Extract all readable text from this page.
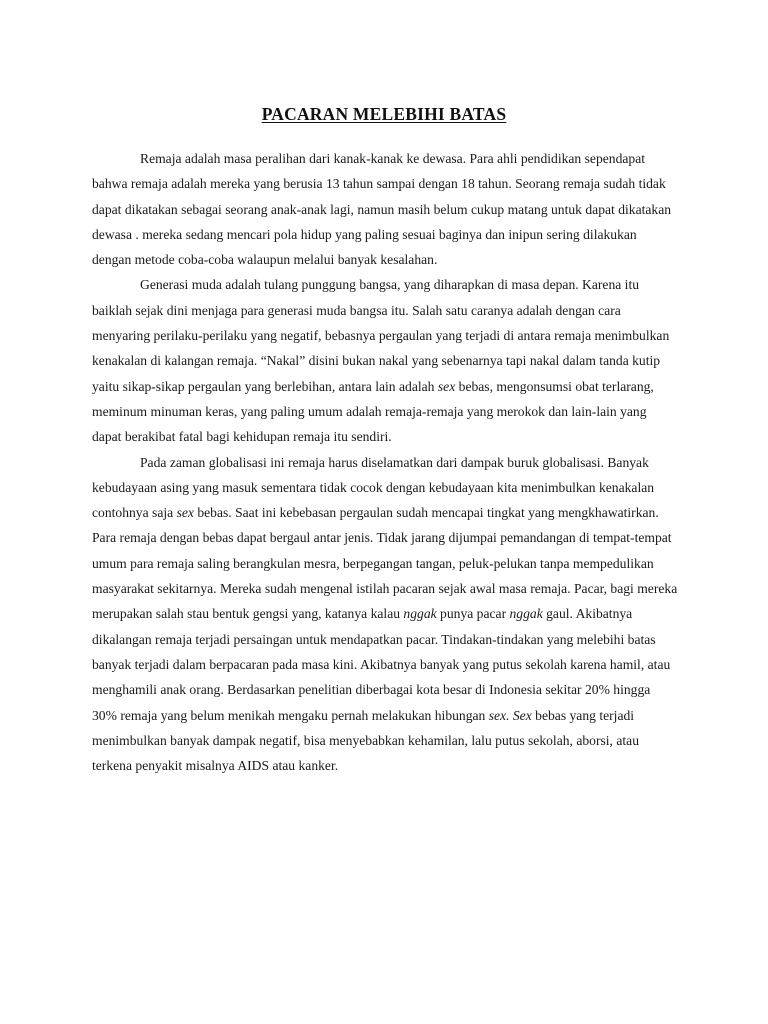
PACARAN MELEBIHI BATAS

Remaja adalah masa peralihan dari kanak-kanak ke dewasa. Para ahli pendidikan sependapat bahwa remaja adalah mereka yang berusia 13 tahun sampai dengan 18 tahun. Seorang remaja sudah tidak dapat dikatakan sebagai seorang anak-anak lagi, namun masih belum cukup matang untuk dapat dikatakan dewasa . mereka sedang mencari pola hidup yang paling sesuai baginya dan inipun sering dilakukan dengan metode coba-coba walaupun melalui banyak kesalahan.

Generasi muda adalah tulang punggung bangsa, yang diharapkan di masa depan. Karena itu baiklah sejak dini menjaga para generasi muda bangsa itu. Salah satu caranya adalah dengan cara menyaring perilaku-perilaku yang negatif, bebasnya pergaulan yang terjadi di antara remaja menimbulkan kenakalan di kalangan remaja. “Nakal” disini bukan nakal yang sebenarnya tapi nakal dalam tanda kutip yaitu sikap-sikap pergaulan yang berlebihan, antara lain adalah sex bebas, mengonsumsi obat terlarang, meminum minuman keras, yang paling umum adalah remaja-remaja yang merokok dan lain-lain yang dapat berakibat fatal bagi kehidupan remaja itu sendiri.

Pada zaman globalisasi ini remaja harus diselamatkan dari dampak buruk globalisasi. Banyak kebudayaan asing yang masuk sementara tidak cocok dengan kebudayaan kita menimbulkan kenakalan contohnya saja sex bebas. Saat ini kebebasan pergaulan sudah mencapai tingkat yang mengkhawatirkan. Para remaja dengan bebas dapat bergaul antar jenis. Tidak jarang dijumpai pemandangan di tempat-tempat umum para remaja saling berangkulan mesra, berpegangan tangan, peluk-pelukan tanpa mempedulikan masyarakat sekitarnya. Mereka sudah mengenal istilah pacaran sejak awal masa remaja. Pacar, bagi mereka merupakan salah stau bentuk gengsi yang, katanya kalau nggak punya pacar nggak gaul. Akibatnya dikalangan remaja terjadi persaingan untuk mendapatkan pacar. Tindakan-tindakan yang melebihi batas banyak terjadi dalam berpacaran pada masa kini. Akibatnya banyak yang putus sekolah karena hamil, atau menghamili anak orang. Berdasarkan penelitian diberbagai kota besar di Indonesia sekitar 20% hingga 30% remaja yang belum menikah mengaku pernah melakukan hibungan sex. Sex bebas yang terjadi menimbulkan banyak dampak negatif, bisa menyebabkan kehamilan, lalu putus sekolah, aborsi, atau terkena penyakit misalnya AIDS atau kanker.
